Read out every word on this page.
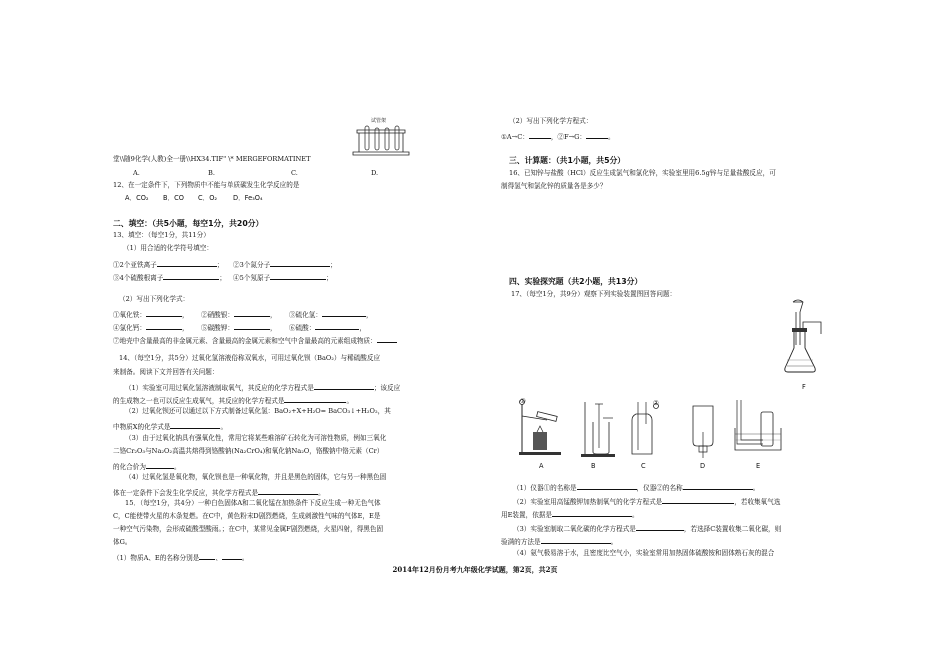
试管架
堂\\随9化学(人教)全一册\\HX34.TIF" \* MERGEFORMATINET
A.	B.	C.	D.
12、在一定条件下，下列物质中不能与单质碳发生化学反应的是
A．CO₂ B．CO C．O₂ D．Fe₃O₄
二、填空：（共5小题，每空1分，共20分）
13、填空：（每空1分，共11分）
（1）用合适的化学符号填空：
①2个亚铁离子	； ②3个氮分子	；
③4个硫酸根离子	； ④5个氖原子	；
（2）写出下列化学式：
①氧化铁：	， ②硝酸银：	， ③硫化氢：	，
④氯化钙：	， ⑤碳酸钾：	， ⑥硫酸：	，
⑦地壳中含量最高的非金属元素、含量最高的金属元素和空气中含量最高的元素组成物质：
14、（每空1分，共5分）过氧化氢溶液俗称双氧水，可用过氧化钡（BaO₂）与稀硫酸反应
来制备。阅读下文并回答有关问题：
（1）实验室可用过氧化氢溶液制取氧气，其反应的化学方程式是	；该反应
的生成物之一也可以反应生成氧气，其反应的化学方程式是	。
（2）过氧化钡还可以通过以下方式制备过氧化氢：BaO₂+X+H₂O= BaCO₃↓+H₂O₂，其
中物质X的化学式是	。
（3）由于过氧化钠具有强氧化性，常用它将某些难溶矿石转化为可溶性物质，例如三氧化
二铬Cr₂O₃与Na₂O₂高温共熔得到铬酸钠(Na₂CrO₄)和氧化钠Na₂O，铬酸钠中铬元素（Cr）
的化合价为	。
（4）过氧化氢是氧化物，氧化钡也是一种氧化物，并且是黑色的固体，它与另一种黑色固
体在一定条件下会发生化学反应，其化学方程式是	。
15．（每空1分，共4分）一种白色固体A和二氧化锰在加热条件下反应生成一种无色气体
C，C能使带火星的木条复燃。在C中，黄色粉末D剧烈燃烧，生成刺激性气味的气体E，E是
一种空气污染物，会形成硫酸型酸雨。；在C中，某常见金属F剧烈燃烧，火星四射，得黑色固
体G。
（1）物质A、E的名称分别是 、	。
（2）写出下列化学方程式：
①A→C：	，②F→G：	。
三、计算题：（共1小题，共5分）
16、已知锌与盐酸（HCl）反应生成氯气和氯化锌，实验室里用6.5g锌与足量盐酸反应，可
制得氢气和氯化锌的质量各是多少？
四、实验探究题（共2小题，共13分）
17、（每空1分，共9分）观察下列实验装置图回答问题：
F
①	②
A	B	C	D	E
（1）仪器①的名称是	，仪器②的名称	。
（2）实验室用高锰酸钾加热制氧气的化学方程式是	，若收集氧气选
用E装置，依据是	。
（3）实验室制取二氧化碳的化学方程式是	，若选择C装置收集二氧化碳，则
验满的方法是	。
（4）氨气极易溶于水，且密度比空气小，实验室常用加热固体硫酸铵和固体熟石灰的混合
2014年12月份月考九年级化学试题，第2页，共2页
